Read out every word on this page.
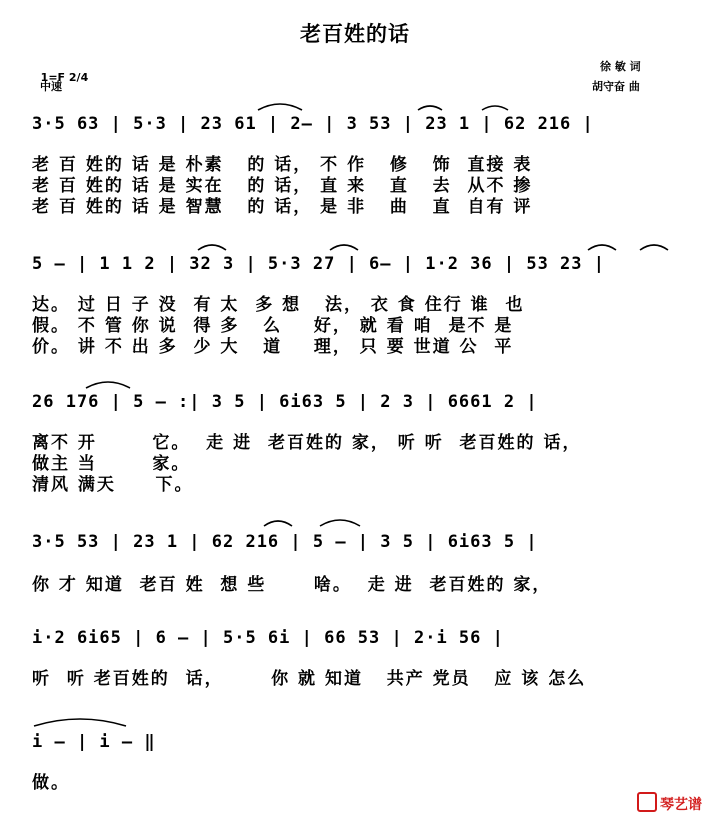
老百姓的话

1=F 2/4

中速
徐 敏 词
胡守奋 曲
3·5 63 | 5·3 | 23 61 | 2— | 3 53 | 23 1 | 62 216 |
老 百 姓的 话 是 朴素   的 话， 不 作   修   饰  直接 表
老 百 姓的 话 是 实在   的 话， 直 来   直   去  从不 掺
老 百 姓的 话 是 智慧   的 话， 是 非   曲   直  自有 评
5 — | 1 1 2 | 32 3 | 5·3 27 | 6— | 1·2 36 | 53 23 |
达。 过 日 子 没  有 太  多 想   法， 衣 食 住行 谁  也
假。 不 管 你 说  得 多   么    好， 就 看 咱  是不 是
价。 讲 不 出 多  少 大   道    理， 只 要 世道 公  平
26 176 | 5 — :| 3 5 | 6i63 5 | 2 3 | 6661 2 |
离不 开       它。  走 进  老百姓的 家， 听 听  老百姓的 话，
做主 当       家。
清风 满天     下。
3·5 53 | 23 1 | 62 216 | 5 — | 3 5 | 6i63 5 |
你 才 知道  老百 姓  想 些      啥。  走 进  老百姓的 家，
i·2 6i65 | 6 — | 5·5 6i | 66 53 | 2·i 56 |
听  听 老百姓的  话，      你 就 知道   共产 党员   应 该 怎么
i — | i — ‖
做。

琴艺谱
